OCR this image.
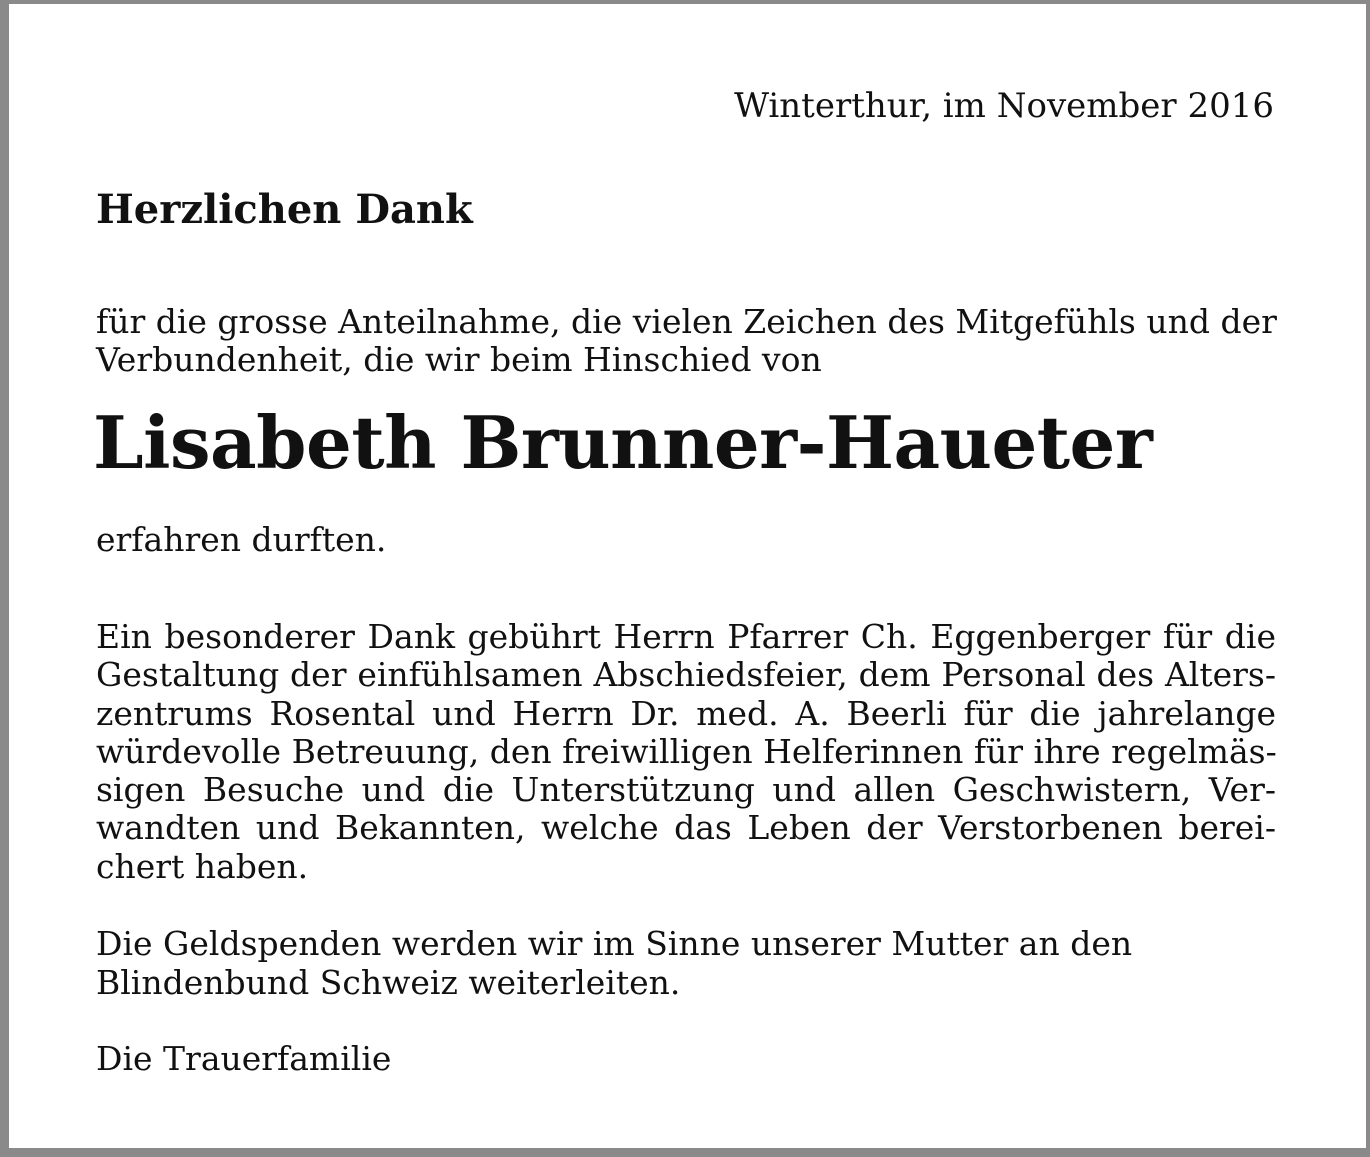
Winterthur, im November 2016
Herzlichen Dank
für die grosse Anteilnahme, die vielen Zeichen des Mitgefühls und der
Verbundenheit, die wir beim Hinschied von
Lisabeth Brunner-Haueter
erfahren durften.
Ein besonderer Dank gebührt Herrn Pfarrer Ch. Eggenberger für die
Gestaltung der einfühlsamen Abschiedsfeier, dem Personal des Alters-
zentrums Rosental und Herrn Dr. med. A. Beerli für die jahrelange
würdevolle Betreuung, den freiwilligen Helferinnen für ihre regelmäs-
sigen Besuche und die Unterstützung und allen Geschwistern, Ver-
wandten und Bekannten, welche das Leben der Verstorbenen berei-
chert haben.
Die Geldspenden werden wir im Sinne unserer Mutter an den
Blindenbund Schweiz weiterleiten.
Die Trauerfamilie
